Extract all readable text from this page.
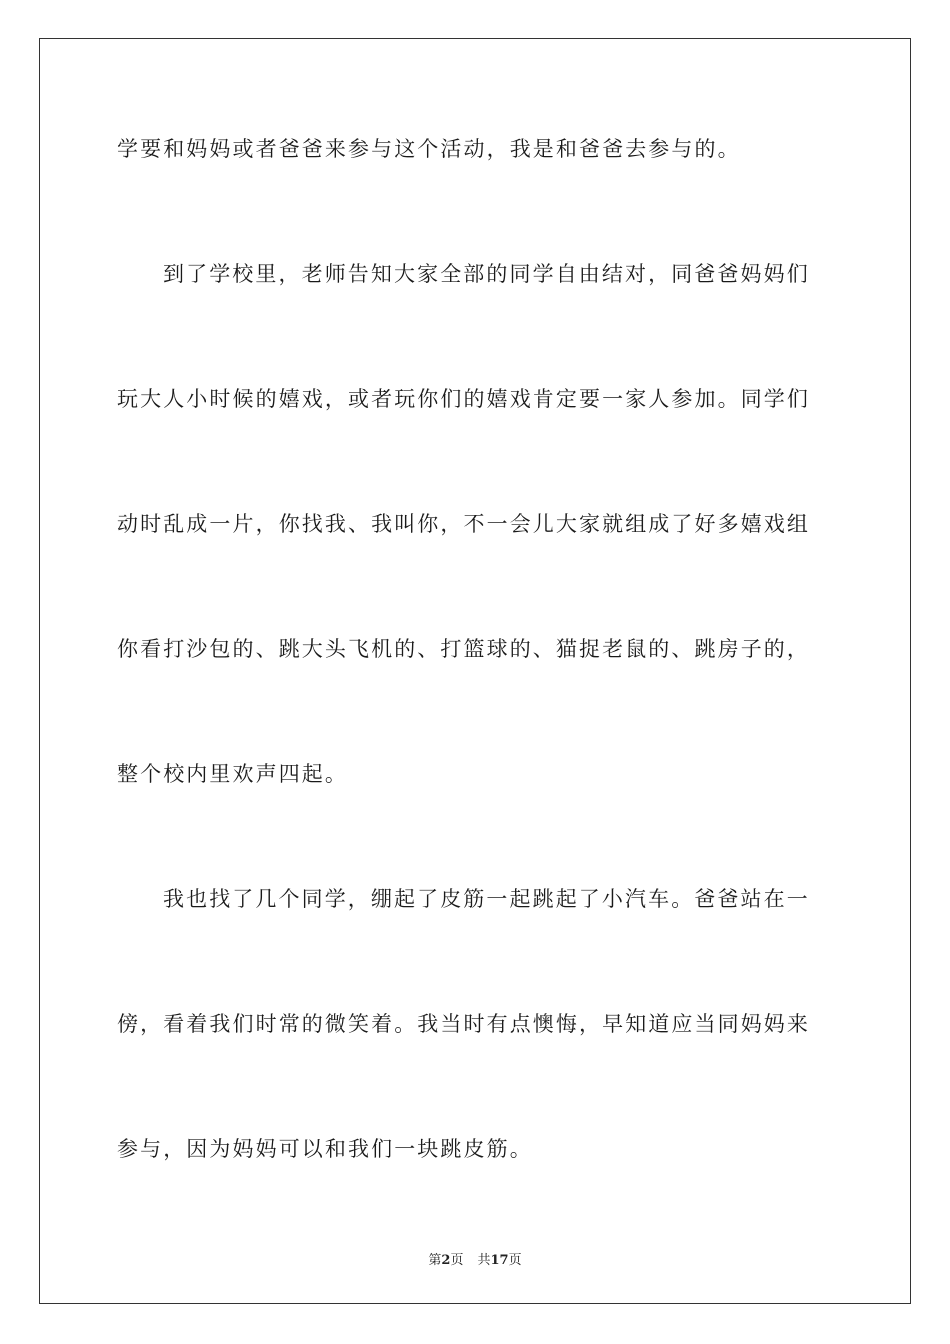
学要和妈妈或者爸爸来参与这个活动，我是和爸爸去参与的。
到了学校里，老师告知大家全部的同学自由结对，同爸爸妈妈们
玩大人小时候的嬉戏，或者玩你们的嬉戏肯定要一家人参加。同学们
动时乱成一片，你找我、我叫你，不一会儿大家就组成了好多嬉戏组
你看打沙包的、跳大头飞机的、打篮球的、猫捉老鼠的、跳房子的，
整个校内里欢声四起。
我也找了几个同学，绷起了皮筋一起跳起了小汽车。爸爸站在一
傍，看着我们时常的微笑着。我当时有点懊悔，早知道应当同妈妈来
参与，因为妈妈可以和我们一块跳皮筋。
第2页 共17页
